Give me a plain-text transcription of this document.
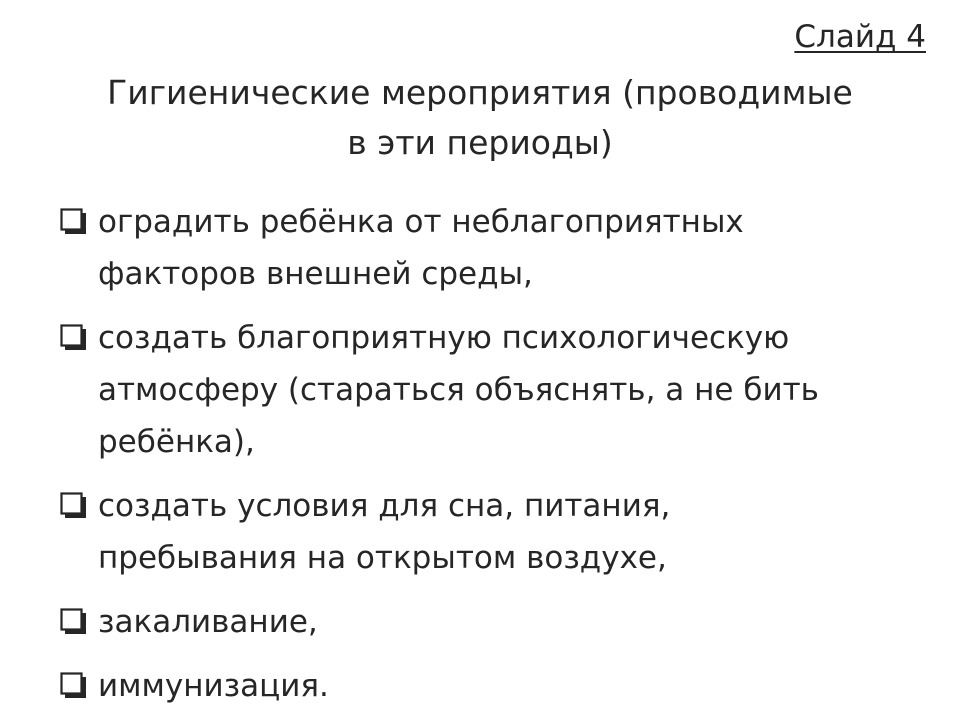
Слайд 4
Гигиенические мероприятия (проводимые
в эти периоды)
оградить ребёнка от неблагоприятных
факторов внешней среды,
создать благоприятную психологическую
атмосферу (стараться объяснять, а не бить
ребёнка),
создать условия для сна, питания,
пребывания на открытом воздухе,
закаливание,
иммунизация.
